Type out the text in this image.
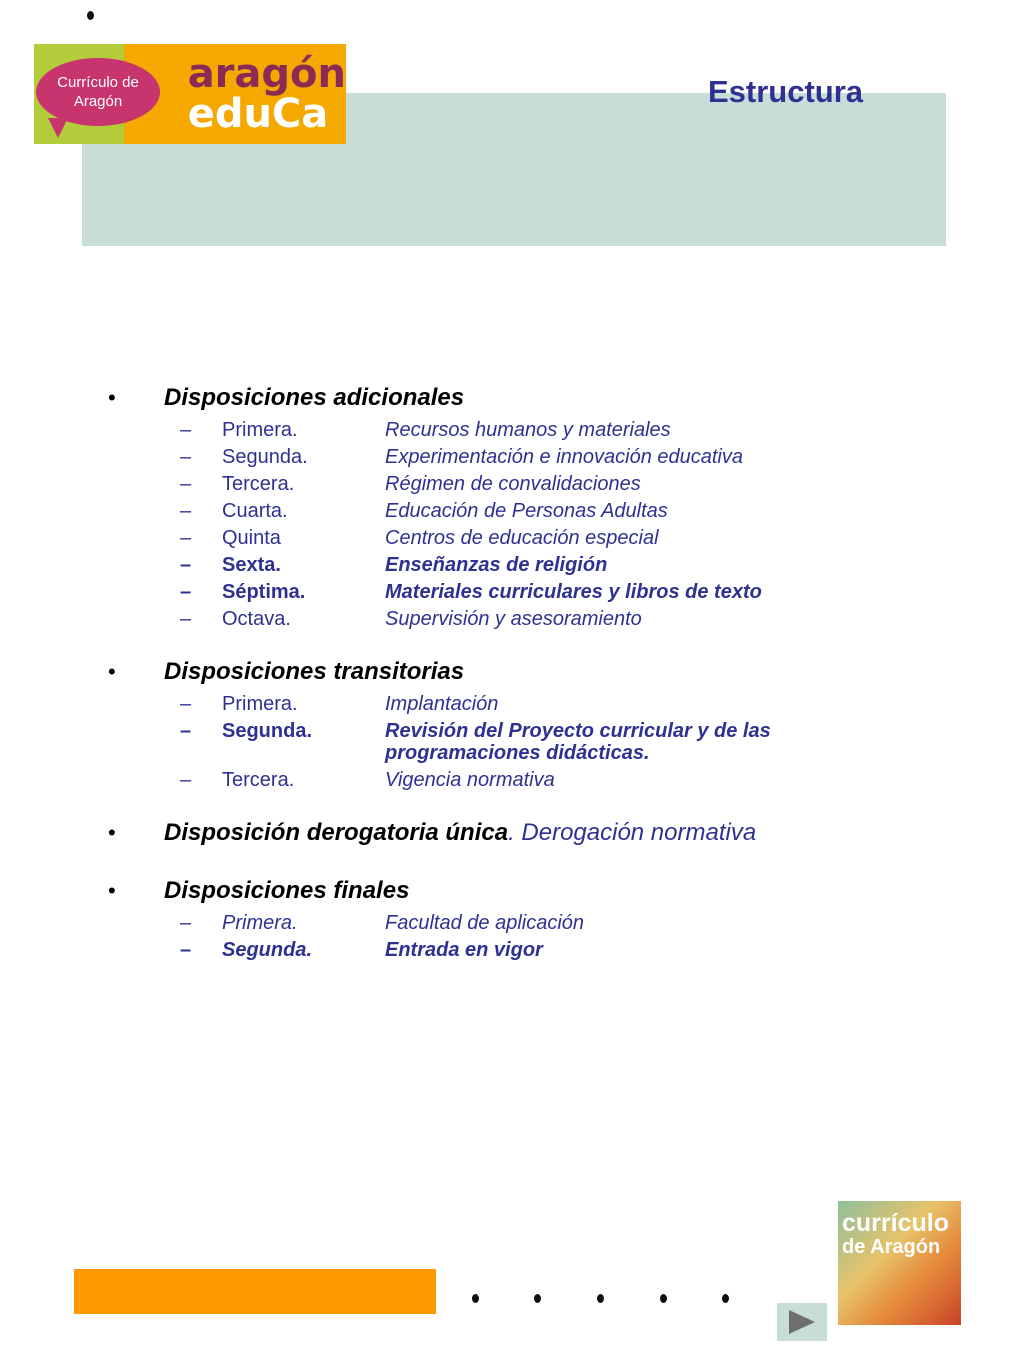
Currículo de
Aragón
aragón
eduCa	Estructura
• Disposiciones adicionales
– Primera.	Recursos humanos y materiales
– Segunda.	Experimentación e innovación educativa
– Tercera.	Régimen de convalidaciones
– Cuarta.	Educación de Personas Adultas
– Quinta	Centros de educación especial
– Sexta.	Enseñanzas de religión
– Séptima.	Materiales curriculares y libros de texto
– Octava.	Supervisión y asesoramiento
• Disposiciones transitorias
– Primera.	Implantación
– Segunda.	Revisión del Proyecto curricular y de las programaciones didácticas.
– Tercera.	Vigencia normativa
• Disposición derogatoria única. Derogación normativa
• Disposiciones finales
– Primera.	Facultad de aplicación
– Segunda.	Entrada en vigor
currículo
de Aragón
